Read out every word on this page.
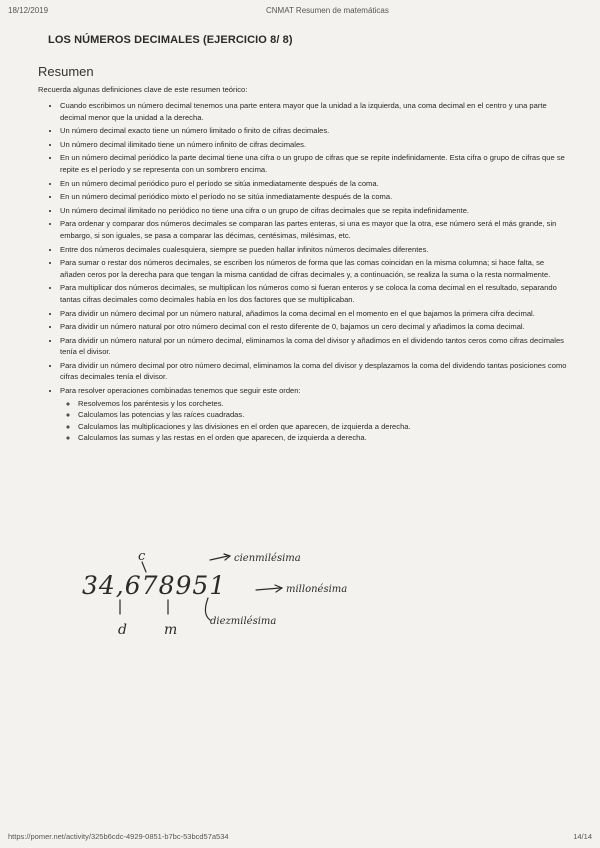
18/12/2019	CNMAT Resumen de matemáticas
LOS NÚMEROS DECIMALES (EJERCICIO 8/ 8)
Resumen

Recuerda algunas definiciones clave de este resumen teórico:

• Cuando escribimos un número decimal tenemos una parte entera mayor que la unidad a la izquierda, una coma decimal en el centro y una parte decimal menor que la unidad a la derecha.
• Un número decimal exacto tiene un número limitado o finito de cifras decimales.
• Un número decimal ilimitado tiene un número infinito de cifras decimales.
• En un número decimal periódico la parte decimal tiene una cifra o un grupo de cifras que se repite indefinidamente. Esta cifra o grupo de cifras que se repite es el período y se representa con un sombrero encima.
• En un número decimal periódico puro el período se sitúa inmediatamente después de la coma.
• En un número decimal periódico mixto el período no se sitúa inmediatamente después de la coma.
• Un número decimal ilimitado no periódico no tiene una cifra o un grupo de cifras decimales que se repita indefinidamente.
• Para ordenar y comparar dos números decimales se comparan las partes enteras, si una es mayor que la otra, ese número será el más grande, sin embargo, si son iguales, se pasa a comparar las décimas, centésimas, milésimas, etc.
• Entre dos números decimales cualesquiera, siempre se pueden hallar infinitos números decimales diferentes.
• Para sumar o restar dos números decimales, se escriben los números de forma que las comas coincidan en la misma columna; si hace falta, se añaden ceros por la derecha para que tengan la misma cantidad de cifras decimales y, a continuación, se realiza la suma o la resta normalmente.
• Para multiplicar dos números decimales, se multiplican los números como si fueran enteros y se coloca la coma decimal en el resultado, separando tantas cifras decimales como decimales había en los dos factores que se multiplicaban.
• Para dividir un número decimal por un número natural, añadimos la coma decimal en el momento en el que bajamos la primera cifra decimal.
• Para dividir un número natural por otro número decimal con el resto diferente de 0, bajamos un cero decimal y añadimos la coma decimal.
• Para dividir un número natural por un número decimal, eliminamos la coma del divisor y añadimos en el dividendo tantos ceros como cifras decimales tenía el divisor.
• Para dividir un número decimal por otro número decimal, eliminamos la coma del divisor y desplazamos la coma del dividendo tantas posiciones como cifras decimales tenía el divisor.
• Para resolver operaciones combinadas tenemos que seguir este orden:
◦ Resolvemos los paréntesis y los corchetes.
◦ Calculamos las potencias y las raíces cuadradas.
◦ Calculamos las multiplicaciones y las divisiones en el orden que aparecen, de izquierda a derecha.
◦ Calculamos las sumas y las restas en el orden que aparecen, de izquierda a derecha.
c
34,678951
cienmilésima
millonésima
diezmilésima
d	m
https://pomer.net/activity/325b6cdc-4929-0851-b7bc-53bcd57a534	14/14
